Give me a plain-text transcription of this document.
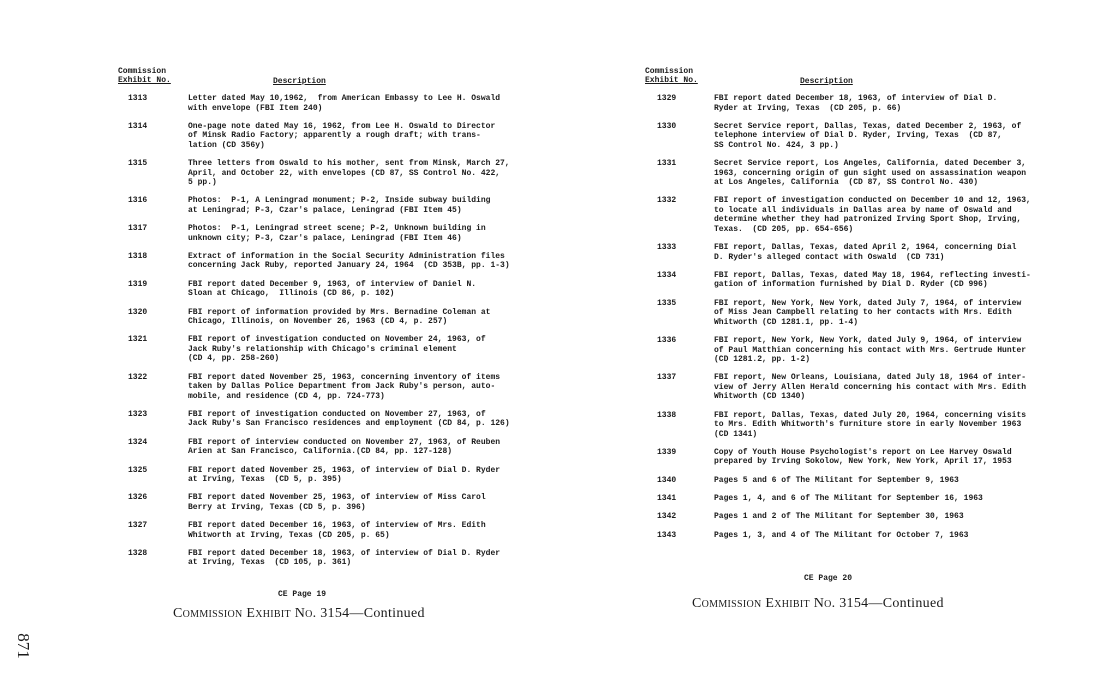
Commission
Exhibit No.	Description
1313	Letter dated May 10,1962,  from American Embassy to Lee H. Oswald
with envelope (FBI Item 240)
1314	One-page note dated May 16, 1962, from Lee H. Oswald to Director
of Minsk Radio Factory; apparently a rough draft; with trans-
lation (CD 356y)
1315	Three letters from Oswald to his mother, sent from Minsk, March 27,
April, and October 22, with envelopes (CD 87, SS Control No. 422,
5 pp.)
1316	Photos:  P-1, A Leningrad monument; P-2, Inside subway building
at Leningrad; P-3, Czar's palace, Leningrad (FBI Item 45)
1317	Photos:  P-1, Leningrad street scene; P-2, Unknown building in
unknown city; P-3, Czar's palace, Leningrad (FBI Item 46)
1318	Extract of information in the Social Security Administration files
concerning Jack Ruby, reported January 24, 1964  (CD 353B, pp. 1-3)
1319	FBI report dated December 9, 1963, of interview of Daniel N.
Sloan at Chicago,  Illinois (CD 86, p. 102)
1320	FBI report of information provided by Mrs. Bernadine Coleman at
Chicago, Illinois, on November 26, 1963 (CD 4, p. 257)
1321	FBI report of investigation conducted on November 24, 1963, of
Jack Ruby's relationship with Chicago's criminal element
(CD 4, pp. 258-260)
1322	FBI report dated November 25, 1963, concerning inventory of items
taken by Dallas Police Department from Jack Ruby's person, auto-
mobile, and residence (CD 4, pp. 724-773)
1323	FBI report of investigation conducted on November 27, 1963, of
Jack Ruby's San Francisco residences and employment (CD 84, p. 126)
1324	FBI report of interview conducted on November 27, 1963, of Reuben
Arien at San Francisco, California.(CD 84, pp. 127-128)
1325	FBI report dated November 25, 1963, of interview of Dial D. Ryder
at Irving, Texas  (CD 5, p. 395)
1326	FBI report dated November 25, 1963, of interview of Miss Carol
Berry at Irving, Texas (CD 5, p. 396)
1327	FBI report dated December 16, 1963, of interview of Mrs. Edith
Whitworth at Irving, Texas (CD 205, p. 65)
1328	FBI report dated December 18, 1963, of interview of Dial D. Ryder
at Irving, Texas  (CD 105, p. 361)
CE Page 19
Commission Exhibit No. 3154—Continued
Commission
Exhibit No.	Description
1329	FBI report dated December 18, 1963, of interview of Dial D.
Ryder at Irving, Texas  (CD 205, p. 66)
1330	Secret Service report, Dallas, Texas, dated December 2, 1963, of
telephone interview of Dial D. Ryder, Irving, Texas  (CD 87,
SS Control No. 424, 3 pp.)
1331	Secret Service report, Los Angeles, California, dated December 3,
1963, concerning origin of gun sight used on assassination weapon
at Los Angeles, California  (CD 87, SS Control No. 430)
1332	FBI report of investigation conducted on December 10 and 12, 1963,
to locate all individuals in Dallas area by name of Oswald and
determine whether they had patronized Irving Sport Shop, Irving,
Texas.  (CD 205, pp. 654-656)
1333	FBI report, Dallas, Texas, dated April 2, 1964, concerning Dial
D. Ryder's alleged contact with Oswald  (CD 731)
1334	FBI report, Dallas, Texas, dated May 18, 1964, reflecting investi-
gation of information furnished by Dial D. Ryder (CD 996)
1335	FBI report, New York, New York, dated July 7, 1964, of interview
of Miss Jean Campbell relating to her contacts with Mrs. Edith
Whitworth (CD 1281.1, pp. 1-4)
1336	FBI report, New York, New York, dated July 9, 1964, of interview
of Paul Matthian concerning his contact with Mrs. Gertrude Hunter
(CD 1281.2, pp. 1-2)
1337	FBI report, New Orleans, Louisiana, dated July 18, 1964 of inter-
view of Jerry Allen Herald concerning his contact with Mrs. Edith
Whitworth (CD 1340)
1338	FBI report, Dallas, Texas, dated July 20, 1964, concerning visits
to Mrs. Edith Whitworth's furniture store in early November 1963
(CD 1341)
1339	Copy of Youth House Psychologist's report on Lee Harvey Oswald
prepared by Irving Sokolow, New York, New York, April 17, 1953
1340	Pages 5 and 6 of The Militant for September 9, 1963
1341	Pages 1, 4, and 6 of The Militant for September 16, 1963
1342	Pages 1 and 2 of The Militant for September 30, 1963
1343	Pages 1, 3, and 4 of The Militant for October 7, 1963
CE Page 20
Commission Exhibit No. 3154—Continued
871
